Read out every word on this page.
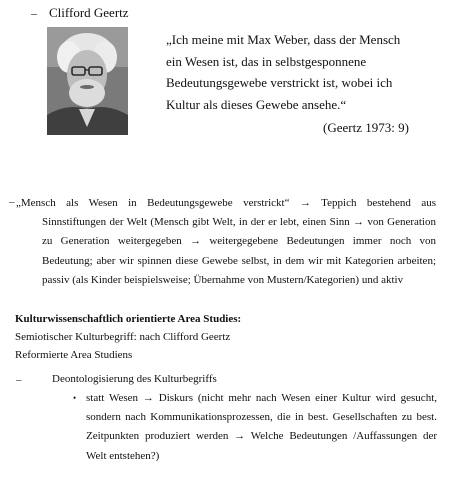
– Clifford Geertz
„Ich meine mit Max Weber, dass der Mensch
ein Wesen ist, das in selbstgesponnene
Bedeutungsgewebe verstrickt ist, wobei ich
Kultur als dieses Gewebe ansehe.“
(Geertz 1973: 9)
– „Mensch als Wesen in Bedeutungsgewebe verstrickt“ → Teppich bestehend aus
Sinnstiftungen der Welt (Mensch gibt Welt, in der er lebt, einen Sinn → von Generation zu Generation weitergegeben → weitergegebene Bedeutungen immer noch von Bedeutung; aber wir spinnen diese Gewebe selbst, in dem wir mit Kategorien arbeiten; passiv (als Kinder beispielsweise; Übernahme von Mustern/Kategorien) und aktiv
Kulturwissenschaftlich orientierte Area Studies:
Semiotischer Kulturbegriff: nach Clifford Geertz
Reformierte Area Studiens
–	Deontologisierung des Kulturbegriffs
• statt Wesen → Diskurs (nicht mehr nach Wesen einer Kultur wird gesucht, sondern nach Kommunikationsprozessen, die in best. Gesellschaften zu best. Zeitpunkten produziert werden → Welche Bedeutungen /Auffassungen der Welt entstehen?)
